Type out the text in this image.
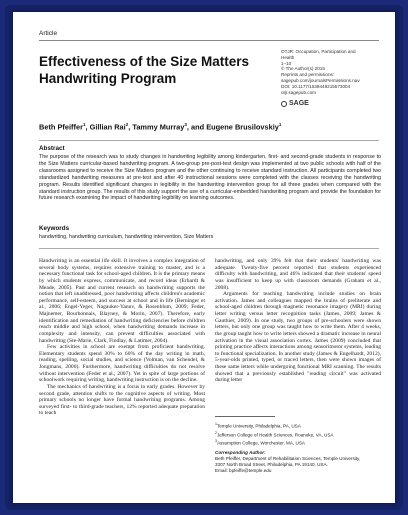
Article
Effectiveness of the Size Matters
Handwriting Program
OTJR: Occupation, Participation and
Health
1–10
© The Author(s) 2015
Reprints and permissions:
sagepub.com/journalsPermissions.nav
DOI: 10.1177/1539449215573004
otjr.sagepub.com
SAGE
Beth Pfeiffer$^1$, Gillian Rai$^2$, Tammy Murray$^3$, and Eugene Brusilovskiy$^1$
Abstract
The purpose of the research was to study changes in handwriting legibility among kindergarten, first- and second-grade students in response to the Size Matters curricular-based handwriting program. A two-group pre-post-test design was implemented at two public schools with half of the classrooms assigned to receive the Size Matters program and the other continuing to receive standard instruction. All participants completed two standardized handwriting measures at pre-test and after 40 instructional sessions were completed with the classes receiving the handwriting program. Results identified significant changes in legibility in the handwriting intervention group for all three grades when compared with the standard instruction group. The results of this study support the use of a curricular-embedded handwriting program and provide the foundation for future research examining the impact of handwriting legibility on learning outcomes.
Keywords
handwriting, handwriting curriculum, handwriting intervention, Size Matters

Handwriting is an essential life skill. It involves a complex integration of several body systems, requires extensive training to master, and is a necessary functional task for school-aged children. It is the primary means by which students express, communicate, and record ideas (Erhardt & Meade, 2005). Past and current research on handwriting supports the notion that left unaddressed, poor handwriting affects children's academic performance, self-esteem, and success at school and in life (Berninger et al., 2006; Engel-Yeger, Nagauker-Yanuv, & Rosenblum, 2009; Feder, Majnemer, Bourbonnais, Blayney, & Morin, 2007). Therefore, early identification and remediation of handwriting deficiencies before children reach middle and high school, when handwriting demands increase in complexity and intensity, can prevent difficulties associated with handwriting (Ste-Marie, Clark, Findlay, & Latimer, 2004).

Few activities in school are exempt from proficient handwriting. Elementary students spend 30% to 60% of the day writing in math, reading, spelling, social studies, and science (Volman, van Schendel, & Jongmans, 2006). Furthermore, handwriting difficulties do not resolve without intervention (Feder et al., 2007). Yet in spite of large portions of schoolwork requiring writing, handwriting instruction is on the decline.

The mechanics of handwriting is a focus in early grades. However by second grade, attention shifts to the cognitive aspects of writing. Most primary schools no longer have formal handwriting programs. Among surveyed first- to third-grade teachers, 12% reported adequate preparation to teach

handwriting, and only 39% felt that their students' handwriting was adequate. Twenty-five percent reported that students experienced difficulty with handwriting, and 46% indicated that their students' speed was insufficient to keep up with classroom demands (Graham et al., 2008).

Arguments for teaching handwriting include studies on brain activation. James and colleagues mapped the brains of preliterate and school-aged children through magnetic resonance imagery (MRI) during letter writing versus letter recognition tasks (James, 2009; James & Gauthier, 2009). In one study, two groups of pre-schoolers were shown letters, but only one group was taught how to write them. After 4 weeks, the group taught how to write letters showed a dramatic increase in neural activation in the visual association cortex. James (2009) concluded that printing practice affects interactions among sensorimotor systems, leading to functional specialization. In another study (James & Engelhardt, 2012), 5-year-olds printed, typed, or traced letters, then were shown images of these same letters while undergoing functional MRI scanning. The results showed that a previously established "reading circuit" was activated during letter

$^1$Temple University, Philadelphia, PA, USA
$^2$Jefferson College of Health Sciences, Roanoke, VA, USA
$^3$Assumption College, Worchester, MA, USA
Corresponding Author:
Beth Pfeiffer, Department of Rehabilitation Sciences, Temple University,
3307 North Broad Street, Philadelphia, PA 19140, USA.
Email: bpfeiffe@temple.edu
